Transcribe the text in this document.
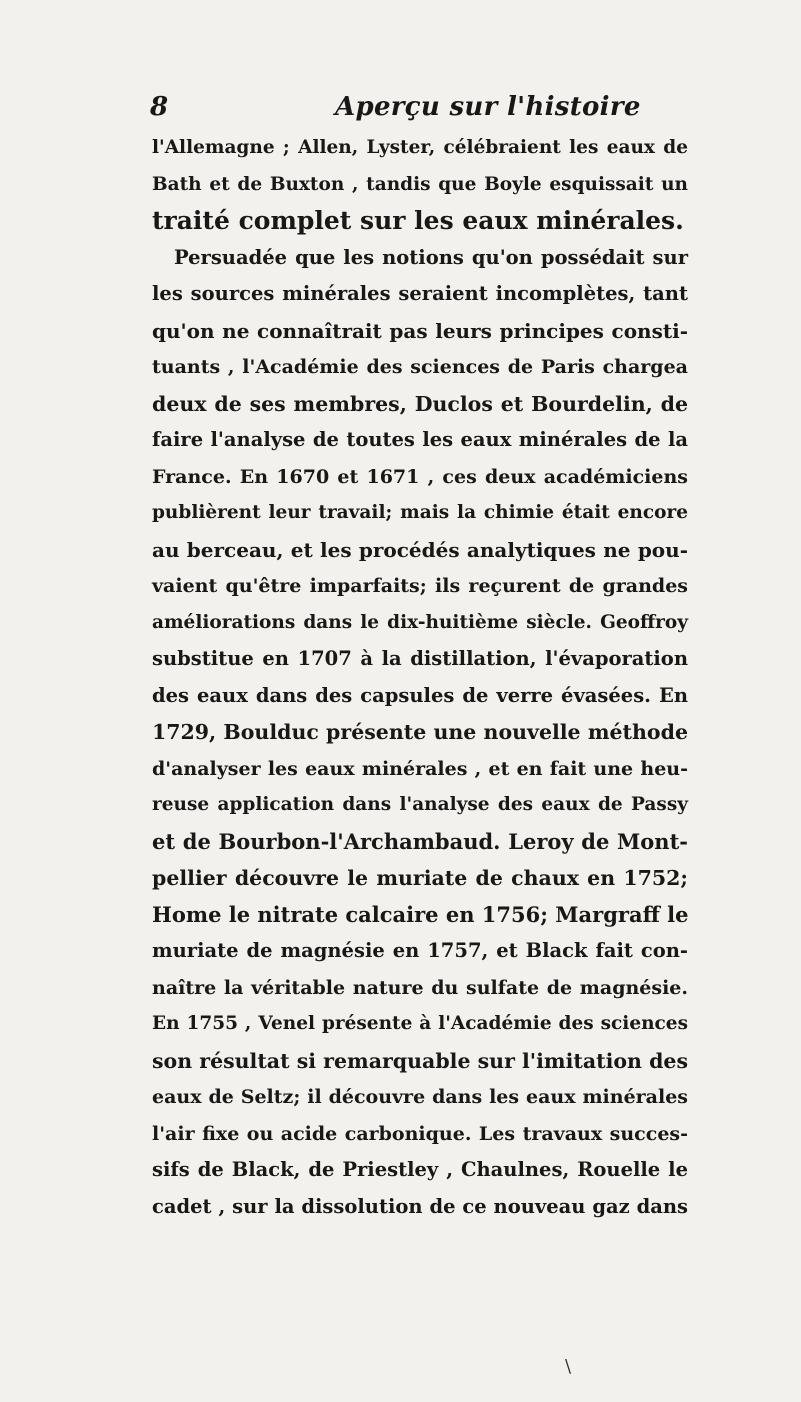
8	Aperçu sur l'histoire
l'Allemagne ; Allen, Lyster, célébraient les eaux de
Bath et de Buxton , tandis que Boyle esquissait un
traité complet sur les eaux minérales.
Persuadée que les notions qu'on possédait sur
les sources minérales seraient incomplètes, tant
qu'on ne connaîtrait pas leurs principes consti-
tuants , l'Académie des sciences de Paris chargea
deux de ses membres, Duclos et Bourdelin, de
faire l'analyse de toutes les eaux minérales de la
France. En 1670 et 1671 , ces deux académiciens
publièrent leur travail; mais la chimie était encore
au berceau, et les procédés analytiques ne pou-
vaient qu'être imparfaits; ils reçurent de grandes
améliorations dans le dix-huitième siècle. Geoffroy
substitue en 1707 à la distillation, l'évaporation
des eaux dans des capsules de verre évasées. En
1729, Boulduc présente une nouvelle méthode
d'analyser les eaux minérales , et en fait une heu-
reuse application dans l'analyse des eaux de Passy
et de Bourbon-l'Archambaud. Leroy de Mont-
pellier découvre le muriate de chaux en 1752;
Home le nitrate calcaire en 1756; Margraff le
muriate de magnésie en 1757, et Black fait con-
naître la véritable nature du sulfate de magnésie.
En 1755 , Venel présente à l'Académie des sciences
son résultat si remarquable sur l'imitation des
eaux de Seltz; il découvre dans les eaux minérales
l'air fixe ou acide carbonique. Les travaux succes-
sifs de Black, de Priestley , Chaulnes, Rouelle le
cadet , sur la dissolution de ce nouveau gaz dans
\
